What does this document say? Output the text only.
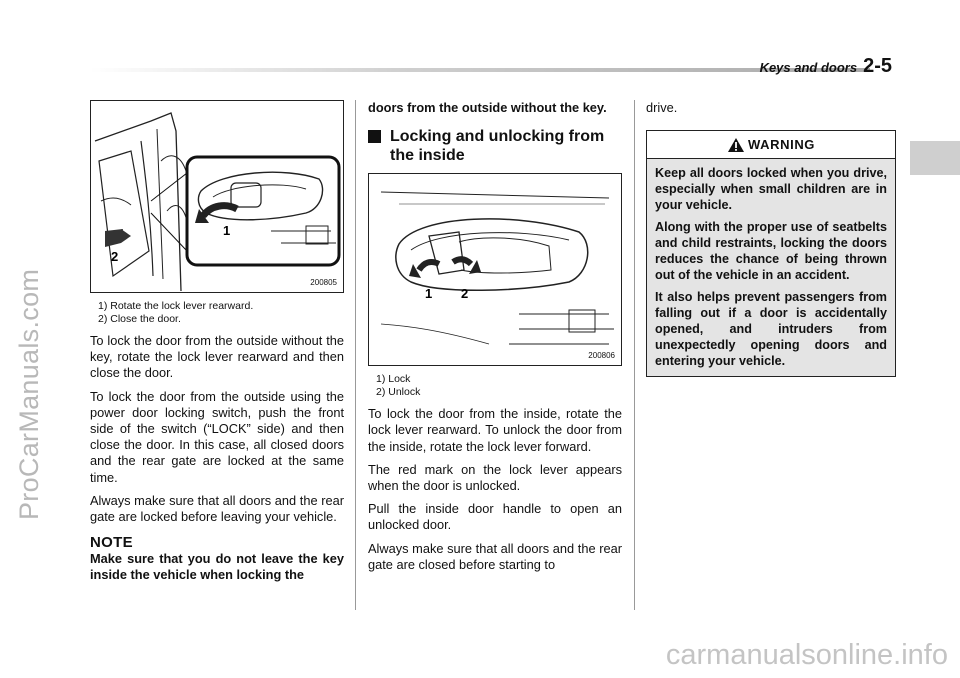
ProCarManuals.com
carmanualsonline.info
Keys and doors 2-5
1
2
200805
1) Rotate the lock lever rearward.
2) Close the door.

To lock the door from the outside without the key, rotate the lock lever rearward and then close the door.

To lock the door from the outside using the power door locking switch, push the front side of the switch (“LOCK” side) and then close the door. In this case, all closed doors and the rear gate are locked at the same time.

Always make sure that all doors and the rear gate are locked before leaving your vehicle.

NOTE
Make sure that you do not leave the key inside the vehicle when locking the
doors from the outside without the key.
Locking and unlocking from the inside
1 2
200806
1) Lock
2) Unlock

To lock the door from the inside, rotate the lock lever rearward. To unlock the door from the inside, rotate the lock lever forward.

The red mark on the lock lever appears when the door is unlocked.

Pull the inside door handle to open an unlocked door.

Always make sure that all doors and the rear gate are closed before starting to

drive.

WARNING

Keep all doors locked when you drive, especially when small children are in your vehicle.

Along with the proper use of seatbelts and child restraints, locking the doors reduces the chance of being thrown out of the vehicle in an accident.

It also helps prevent passengers from falling out if a door is accidentally opened, and intruders from unexpectedly opening doors and entering your vehicle.
